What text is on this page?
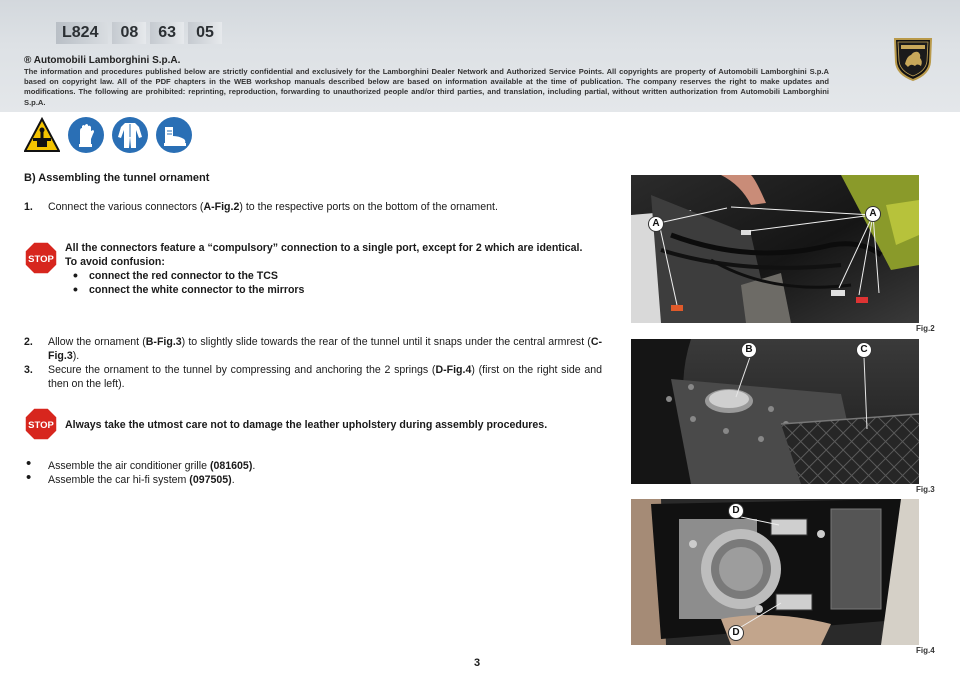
L824	08	63	05
® Automobili Lamborghini S.p.A.
The information and procedures published below are strictly confidential and exclusively for the Lamborghini Dealer Network and Authorized Service Points. All copyrights are property of Automobili Lamborghini S.p.A based on copyright law. All of the PDF chapters in the WEB workshop manuals described below are based on information available at the time of publication. The company reserves the right to make updates and modifications. The following are prohibited: reprinting, reproduction, forwarding to unauthorized people and/or third parties, and translation, including partial, without written authorization from Automobili Lamborghini S.p.A.
B) Assembling the tunnel ornament
1. Connect the various connectors (A-Fig.2) to the respective ports on the bottom of the ornament.
STOP
All the connectors feature a “compulsory” connection to a single port, except for 2 which are identical.
To avoid confusion:
• connect the red connector to the TCS
• connect the white connector to the mirrors
2. Allow the ornament (B-Fig.3) to slightly slide towards the rear of the tunnel until it snaps under the central armrest (C-Fig.3).
3. Secure the ornament to the tunnel by compressing and anchoring the 2 springs (D-Fig.4) (first on the right side and then on the left).
STOP Always take the utmost care not to damage the leather upholstery during assembly procedures.
• Assemble the air conditioner grille (081605).
• Assemble the car hi-fi system (097505).
A
A
Fig.2
B	C
Fig.3
D
D
Fig.4
3
